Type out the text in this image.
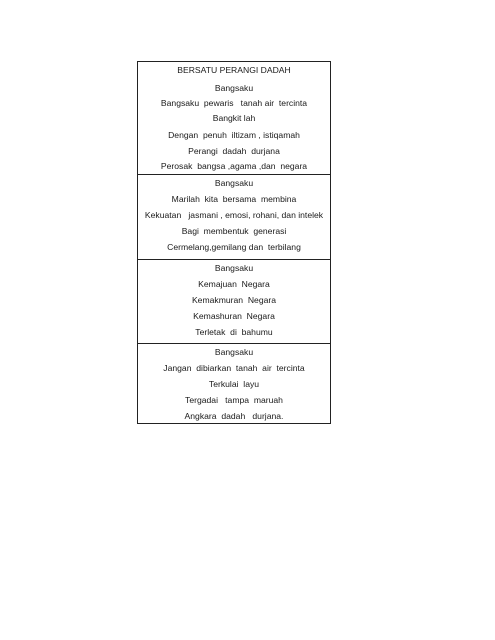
BERSATU PERANGI DADAH
Bangsaku
Bangsaku  pewaris   tanah air  tercinta
Bangkit lah
Dengan  penuh  iltizam , istiqamah
Perangi  dadah  durjana
Perosak  bangsa ,agama ,dan  negara
Bangsaku
Marilah  kita  bersama  membina
Kekuatan   jasmani , emosi, rohani, dan intelek
Bagi  membentuk  generasi
Cermelang,gemilang dan  terbilang
Bangsaku
Kemajuan  Negara
Kemakmuran  Negara
Kemashuran  Negara
Terletak  di  bahumu
Bangsaku
Jangan  dibiarkan  tanah  air  tercinta
Terkulai  layu
Tergadai   tampa  maruah
Angkara  dadah   durjana.
